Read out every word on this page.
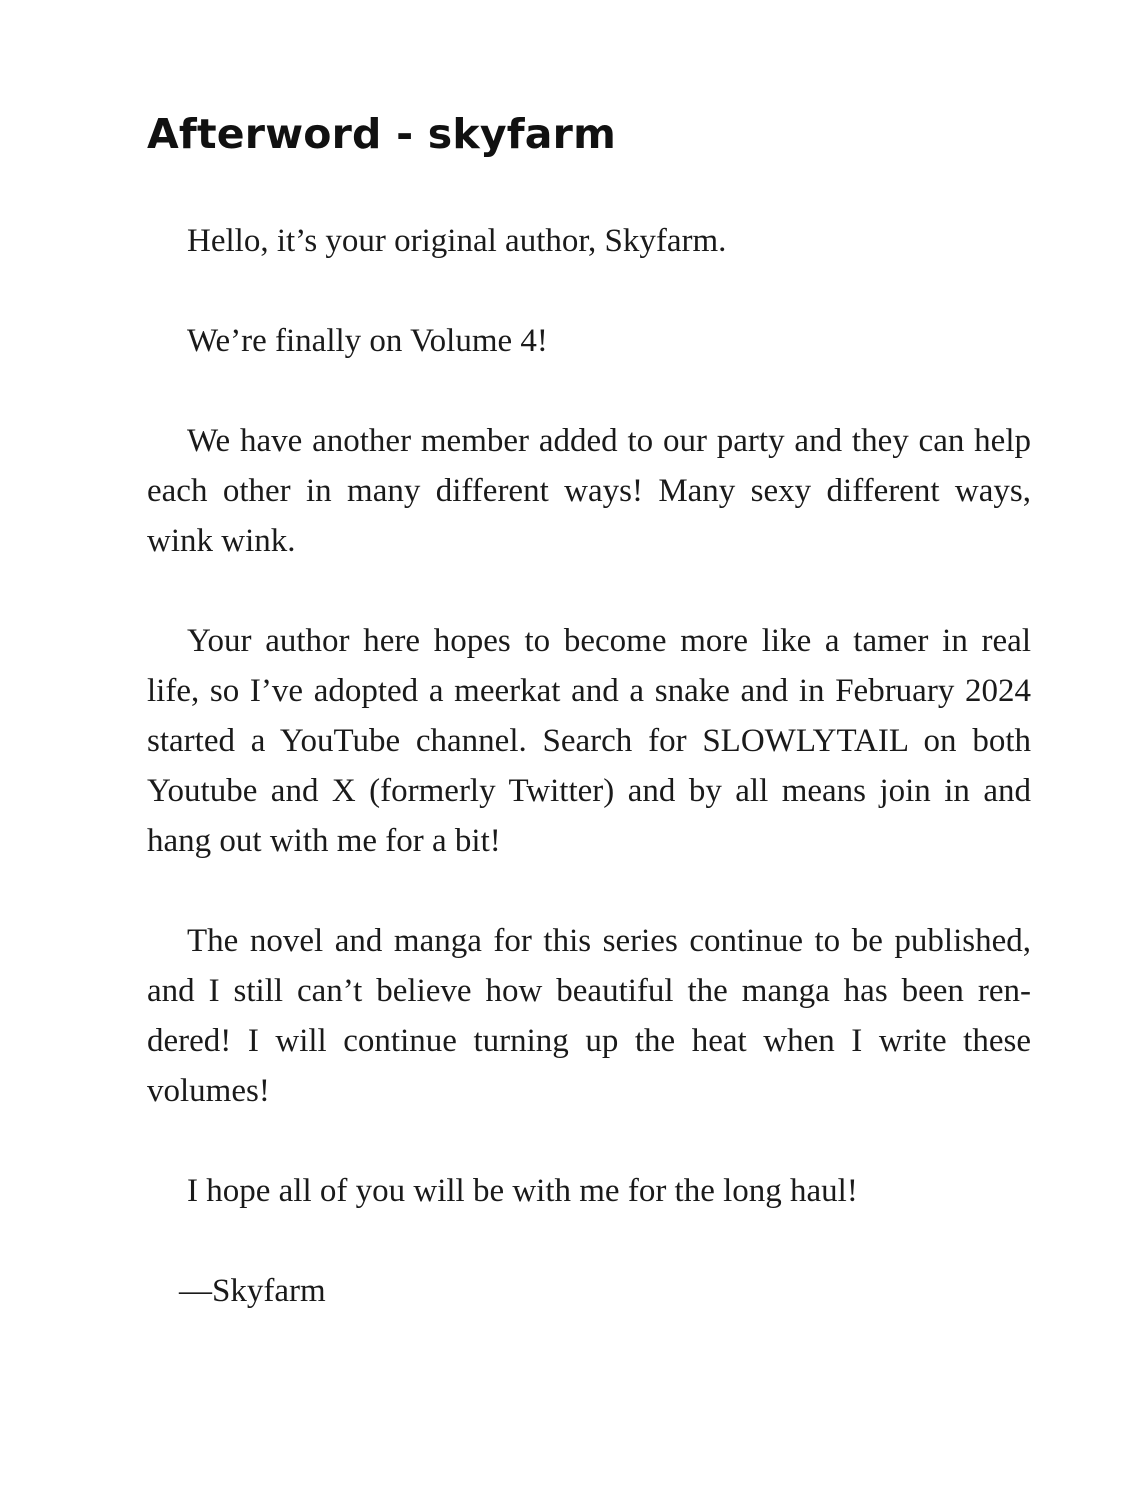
Afterword - skyfarm

Hello, it’s your original author, Skyfarm.

We’re finally on Volume 4!

We have another member added to our party and they can help each other in many different ways! Many sexy different ways, wink wink.

Your author here hopes to become more like a tamer in real life, so I’ve adopted a meerkat and a snake and in February 2024 started a YouTube channel. Search for SLOWLYTAIL on both Youtube and X (formerly Twitter) and by all means join in and hang out with me for a bit!

The novel and manga for this series continue to be published, and I still can’t believe how beautiful the manga has been rendered! I will continue turning up the heat when I write these volumes!

I hope all of you will be with me for the long haul!

—Skyfarm
